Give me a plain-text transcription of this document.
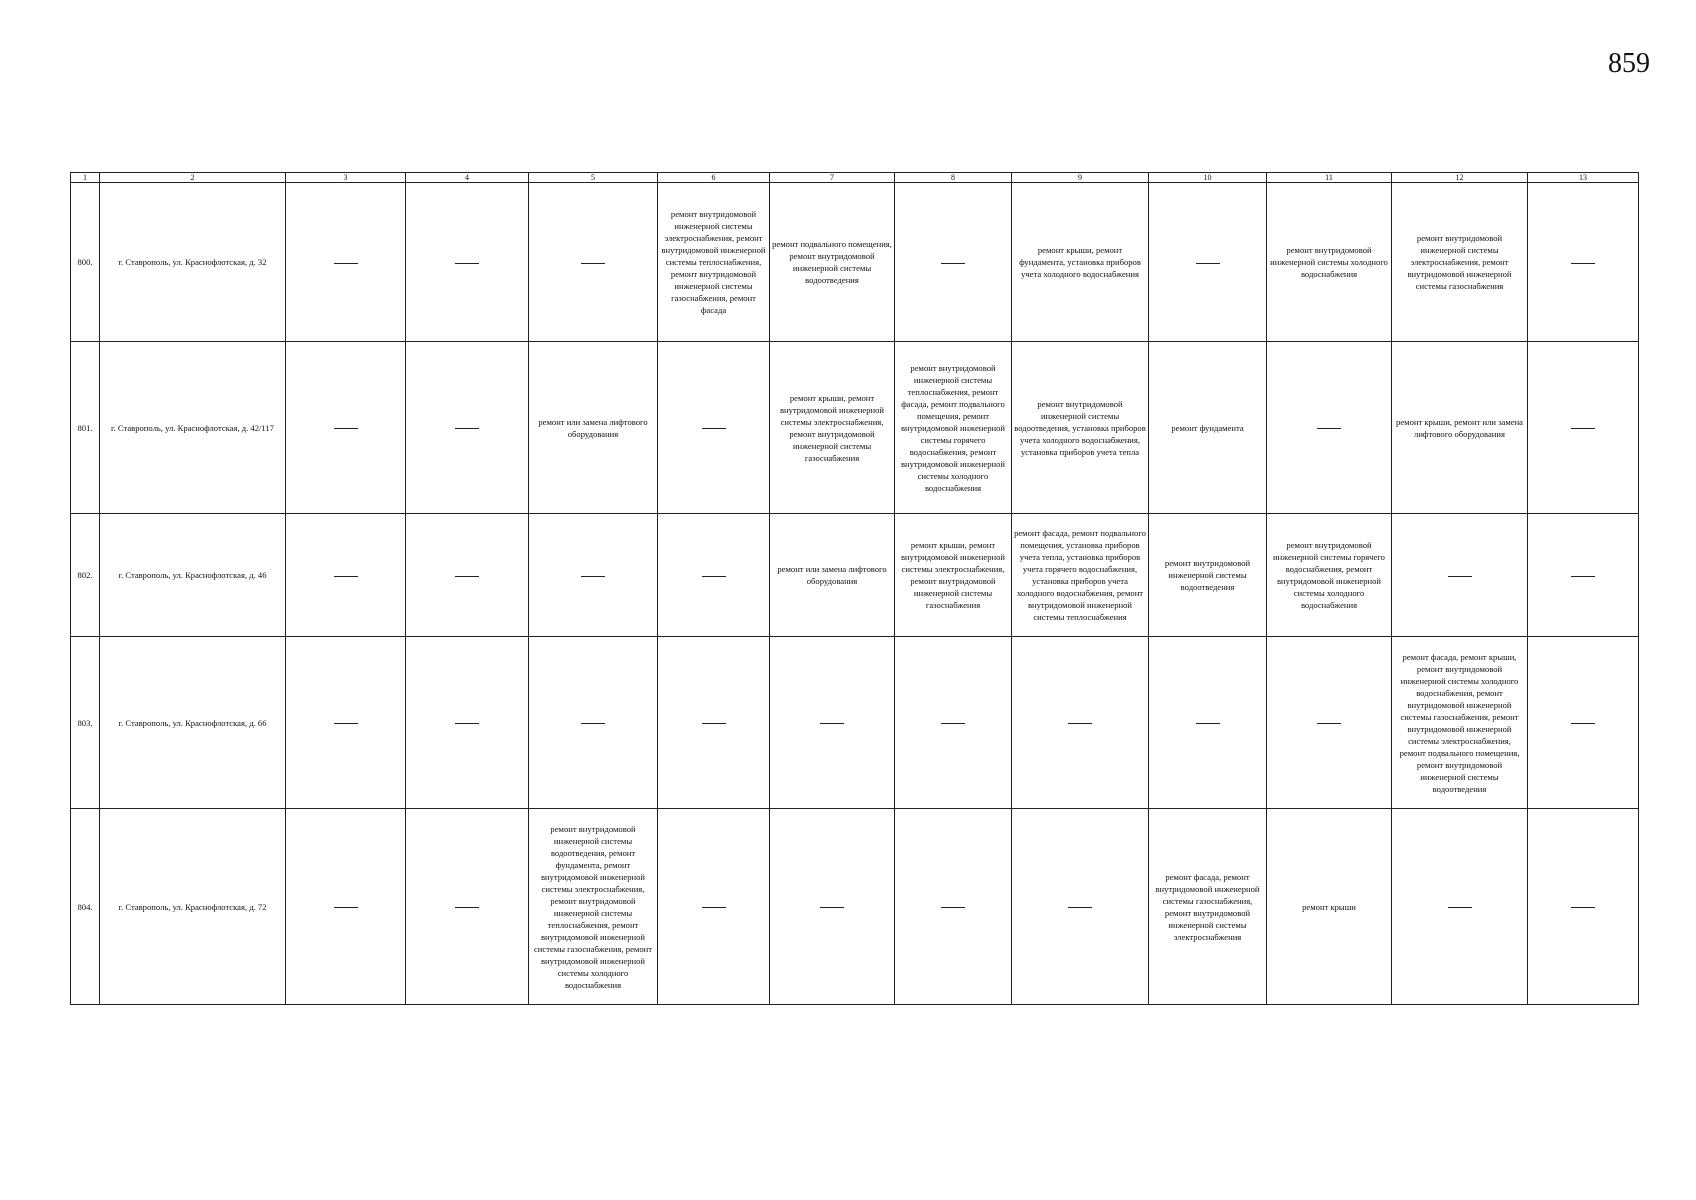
859
1	2	3	4	5	6	7	8	9	10	11	12	13
800.	г. Ставрополь, ул. Краснофлотская, д. 32				ремонт внутридомовой инженерной системы электроснабжения, ремонт внутридомовой инженерной системы теплоснабжения, ремонт внутридомовой инженерной системы газоснабжения, ремонт фасада	ремонт подвального помещения, ремонт внутридомовой инженерной системы водоотведения		ремонт крыши, ремонт фундамента, установка приборов учета холодного водоснабжения		ремонт внутридомовой инженерной системы холодного водоснабжения	ремонт внутридомовой инженерной системы электроснабжения, ремонт внутридомовой инженерной системы газоснабжения	
801.	г. Ставрополь, ул. Краснофлотская, д. 42/117			ремонт или замена лифтового оборудования		ремонт крыши, ремонт внутридомовой инженерной системы электроснабжения, ремонт внутридомовой инженерной системы газоснабжения	ремонт внутридомовой инженерной системы теплоснабжения, ремонт фасада, ремонт подвального помещения, ремонт внутридомовой инженерной системы горячего водоснабжения, ремонт внутридомовой инженерной системы холодного водоснабжения	ремонт внутридомовой инженерной системы водоотведения, установка приборов учета холодного водоснабжения, установка приборов учета тепла	ремонт фундамента		ремонт крыши, ремонт или замена лифтового оборудования	
802.	г. Ставрополь, ул. Краснофлотская, д. 46					ремонт или замена лифтового оборудования	ремонт крыши, ремонт внутридомовой инженерной системы электроснабжения, ремонт внутридомовой инженерной системы газоснабжения	ремонт фасада, ремонт подвального помещения, установка приборов учета тепла, установка приборов учета горячего водоснабжения, установка приборов учета холодного водоснабжения, ремонт внутридомовой инженерной системы теплоснабжения	ремонт внутридомовой инженерной системы водоотведения	ремонт внутридомовой инженерной системы горячего водоснабжения, ремонт внутридомовой инженерной системы холодного водоснабжения		
803.	г. Ставрополь, ул. Краснофлотская, д. 66										ремонт фасада, ремонт крыши, ремонт внутридомовой инженерной системы холодного водоснабжения, ремонт внутридомовой инженерной системы газоснабжения, ремонт внутридомовой инженерной системы электроснабжения, ремонт подвального помещения, ремонт внутридомовой инженерной системы водоотведения	
804.	г. Ставрополь, ул. Краснофлотская, д. 72			ремонт внутридомовой инженерной системы водоотведения, ремонт фундамента, ремонт внутридомовой инженерной системы электроснабжения, ремонт внутридомовой инженерной системы теплоснабжения, ремонт внутридомовой инженерной системы газоснабжения, ремонт внутридомовой инженерной системы холодного водоснабжения					ремонт фасада, ремонт внутридомовой инженерной системы газоснабжения, ремонт внутридомовой инженерной системы электроснабжения	ремонт крыши		
